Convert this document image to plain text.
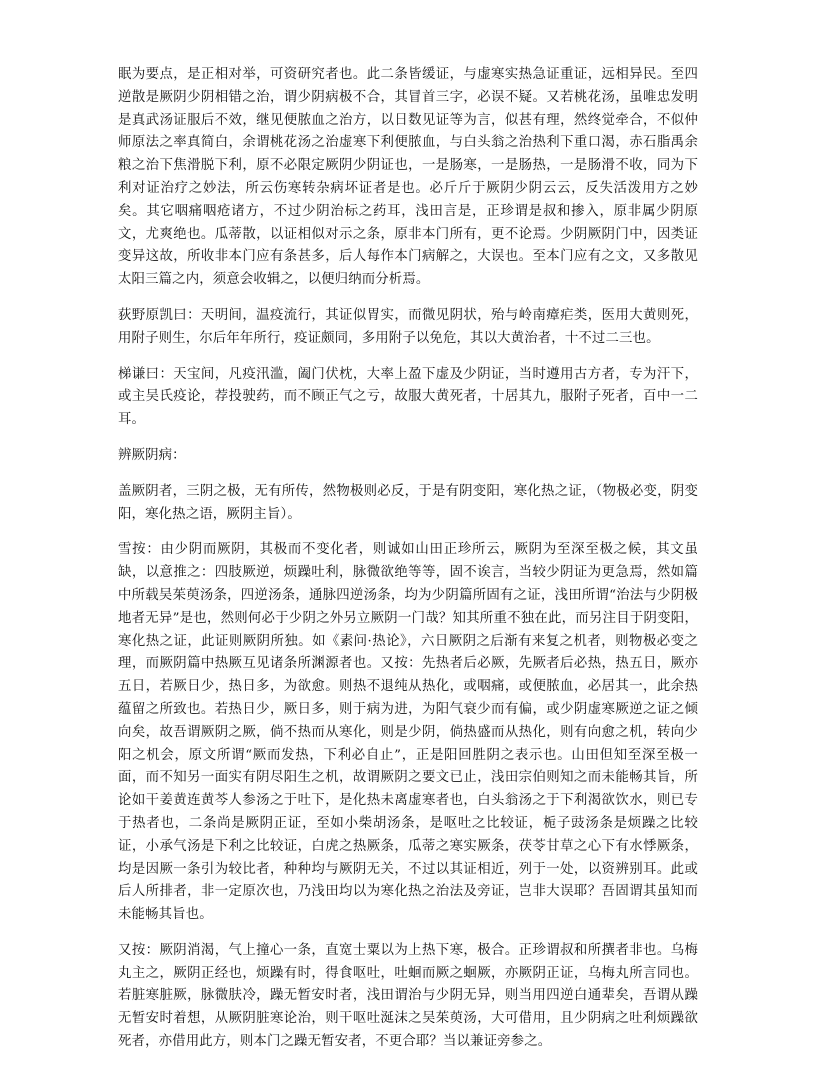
眠为要点，是正相对举，可资研究者也。此二条皆缓证，与虚寒实热急证重证，远相异民。至四逆散是厥阴少阴相错之治，谓少阴病极不合，其冒首三字，必误不疑。又若桃花汤，虽唯忠发明是真武汤证服后不效，继见便脓血之治方，以日数见证等为言，似甚有理，然终觉牵合，不似仲师原法之率真简白，余谓桃花汤之治虚寒下利便脓血，与白头翁之治热利下重口渴，赤石脂禹余粮之治下焦滑脱下利，原不必限定厥阴少阴证也，一是肠寒，一是肠热，一是肠滑不收，同为下利对证治疗之妙法，所云伤寒转杂病坏证者是也。必斤斤于厥阴少阴云云，反失活泼用方之妙矣。其它咽痛咽疮诸方，不过少阴治标之药耳，浅田言是，正珍谓是叔和掺入，原非属少阴原文，尤爽绝也。瓜蒂散，以证相似对示之条，原非本门所有，更不论焉。少阴厥阴门中，因类证变异这故，所收非本门应有条甚多，后人每作本门病解之，大误也。至本门应有之文，又多散见太阳三篇之内，须意会收辑之，以便归纳而分析焉。

荻野原凯曰：天明间，温疫流行，其证似胃实，而微见阴状，殆与岭南瘴疟类，医用大黄则死，用附子则生，尔后年年所行，疫证颇同，多用附子以免危，其以大黄治者，十不过二三也。

梯谦曰：天宝间，凡疫汛滥，阖门伏枕，大率上盈下虚及少阴证，当时遵用古方者，专为汗下，或主吴氏疫论，荐投驶药，而不顾正气之亏，故服大黄死者，十居其九，服附子死者，百中一二耳。

辨厥阴病：

盖厥阴者，三阴之极，无有所传，然物极则必反，于是有阴变阳，寒化热之证，（物极必变，阴变阳，寒化热之语，厥阴主旨）。

雪按：由少阴而厥阴，其极而不变化者，则诚如山田正珍所云，厥阴为至深至极之候，其文虽缺，以意推之：四肢厥逆，烦躁吐利，脉微欲绝等等，固不诶言，当较少阴证为更急焉，然如篇中所载吴茱萸汤条，四逆汤条，通脉四逆汤条，均为少阴篇所固有之证，浅田所谓“治法与少阴极地者无异”是也，然则何必于少阴之外另立厥阴一门哉？知其所重不独在此，而另注目于阴变阳，寒化热之证，此证则厥阴所独。如《素问·热论》，六日厥阴之后渐有来复之机者，则物极必变之理，而厥阴篇中热厥互见诸条所渊源者也。又按：先热者后必厥，先厥者后必热，热五日，厥亦五日，若厥日少，热日多，为欲愈。则热不退纯从热化，或咽痛，或便脓血，必居其一，此余热蕴留之所致也。若热日少，厥日多，则于病为进，为阳气衰少而有偏，或少阴虚寒厥逆之证之倾向矣，故吾谓厥阴之厥，倘不热而从寒化，则是少阴，倘热盛而从热化，则有向愈之机，转向少阳之机会，原文所谓“厥而发热，下利必自止”，正是阳回胜阴之表示也。山田但知至深至极一面，而不知另一面实有阴尽阳生之机，故谓厥阴之要文已止，浅田宗伯则知之而未能畅其旨，所论如干姜黄连黄芩人参汤之于吐下，是化热未离虚寒者也，白头翁汤之于下利渴欲饮水，则已专于热者也，二条尚是厥阴正证，至如小柴胡汤条，是呕吐之比较证，栀子豉汤条是烦躁之比较证，小承气汤是下利之比较证，白虎之热厥条，瓜蒂之寒实厥条，茯苓甘草之心下有水悸厥条，均是因厥一条引为较比者，种种均与厥阴无关，不过以其证相近，列于一处，以资辨别耳。此或后人所排者，非一定原次也，乃浅田均以为寒化热之治法及旁证，岂非大误耶？吾固谓其虽知而未能畅其旨也。

又按：厥阴消渴，气上撞心一条，直宽士粟以为上热下寒，极合。正珍谓叔和所撰者非也。乌梅丸主之，厥阴正经也，烦躁有时，得食呕吐，吐蛔而厥之蛔厥，亦厥阴正证，乌梅丸所言同也。若脏寒脏厥，脉微肤冷，躁无暂安时者，浅田谓治与少阴无异，则当用四逆白通辈矣，吾谓从躁无暂安时着想，从厥阴脏寒论治，则干呕吐涎沫之吴茱萸汤，大可借用，且少阴病之吐利烦躁欲死者，亦借用此方，则本门之躁无暂安者，不更合耶？当以兼证旁参之。
